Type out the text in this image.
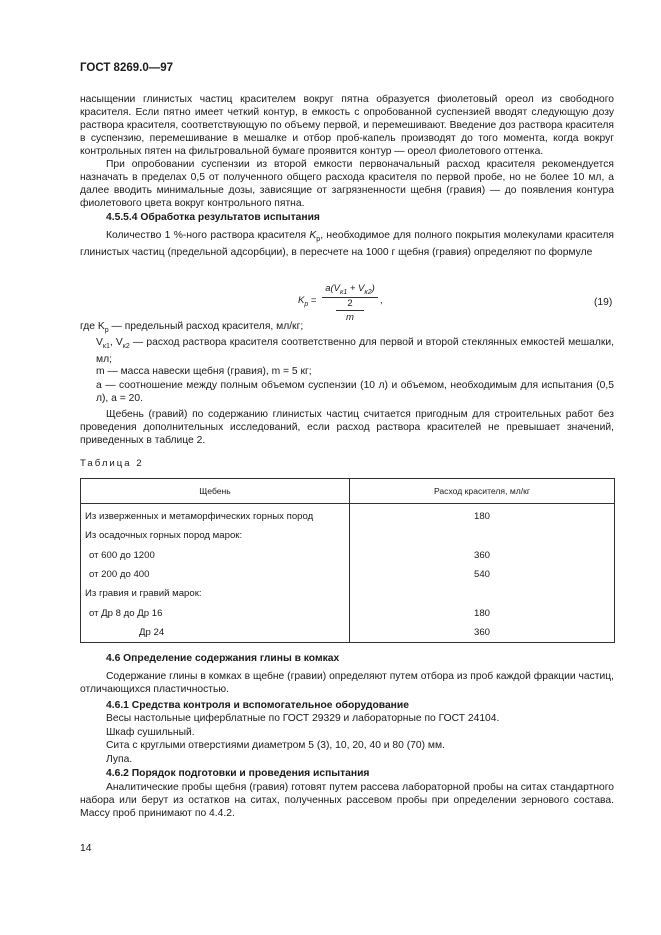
ГОСТ 8269.0—97

насыщении глинистых частиц красителем вокруг пятна образуется фиолетовый ореол из свободного красителя. Если пятно имеет четкий контур, в емкость с опробованной суспензией вводят следующую дозу раствора красителя, соответствующую по объему первой, и перемешивают. Введение доз раствора красителя в суспензию, перемешивание в мешалке и отбор проб-капель производят до того момента, когда вокруг контрольных пятен на фильтровальной бумаге проявится контур — ореол фиолетового оттенка.

При опробовании суспензии из второй емкости первоначальный расход красителя рекомендуется назначать в пределах 0,5 от полученного общего расхода красителя по первой пробе, но не более 10 мл, а далее вводить минимальные дозы, зависящие от загрязненности щебня (гравия) — до появления контура фиолетового цвета вокруг контрольного пятна.

4.5.5.4 Обработка результатов испытания

Количество 1 %-ного раствора красителя $K_р$, необходимое для полного покрытия молекулами красителя глинистых частиц (предельной адсорбции), в пересчете на 1000 г щебня (гравия) определяют по формуле

$K_р$ =
$a(V_{к1} + V_{к2})$
2
m
,	(19)

где $K_р$ — предельный расход красителя, мл/кг;

$V_{к1}$, $V_{к2}$ — расход раствора красителя соответственно для первой и второй стеклянных емкостей мешалки, мл;

m — масса навески щебня (гравия), m = 5 кг;

a — соотношение между полным объемом суспензии (10 л) и объемом, необходимым для испытания (0,5 л), a = 20.

Щебень (гравий) по содержанию глинистых частиц считается пригодным для строительных работ без проведения дополнительных исследований, если расход раствора красителей не превышает значений, приведенных в таблице 2.

Таблица 2
Щебень	Расход красителя, мл/кг
Из изверженных и метаморфических горных пород	180
Из осадочных горных пород марок:	
от 600 до 1200	360
от 200 до 400	540
Из гравия и гравий марок:	
от Др 8 до Др 16	180
Др 24	360

4.6 Определение содержания глины в комках

Содержание глины в комках в щебне (гравии) определяют путем отбора из проб каждой фракции частиц, отличающихся пластичностью.

4.6.1 Средства контроля и вспомогательное оборудование

Весы настольные циферблатные по ГОСТ 29329 и лабораторные по ГОСТ 24104.

Шкаф сушильный.

Сита с круглыми отверстиями диаметром 5 (3), 10, 20, 40 и 80 (70) мм.

Лупа.

4.6.2 Порядок подготовки и проведения испытания

Аналитические пробы щебня (гравия) готовят путем рассева лабораторной пробы на ситах стандартного набора или берут из остатков на ситах, полученных рассевом пробы при определении зернового состава. Массу проб принимают по 4.4.2.

14
